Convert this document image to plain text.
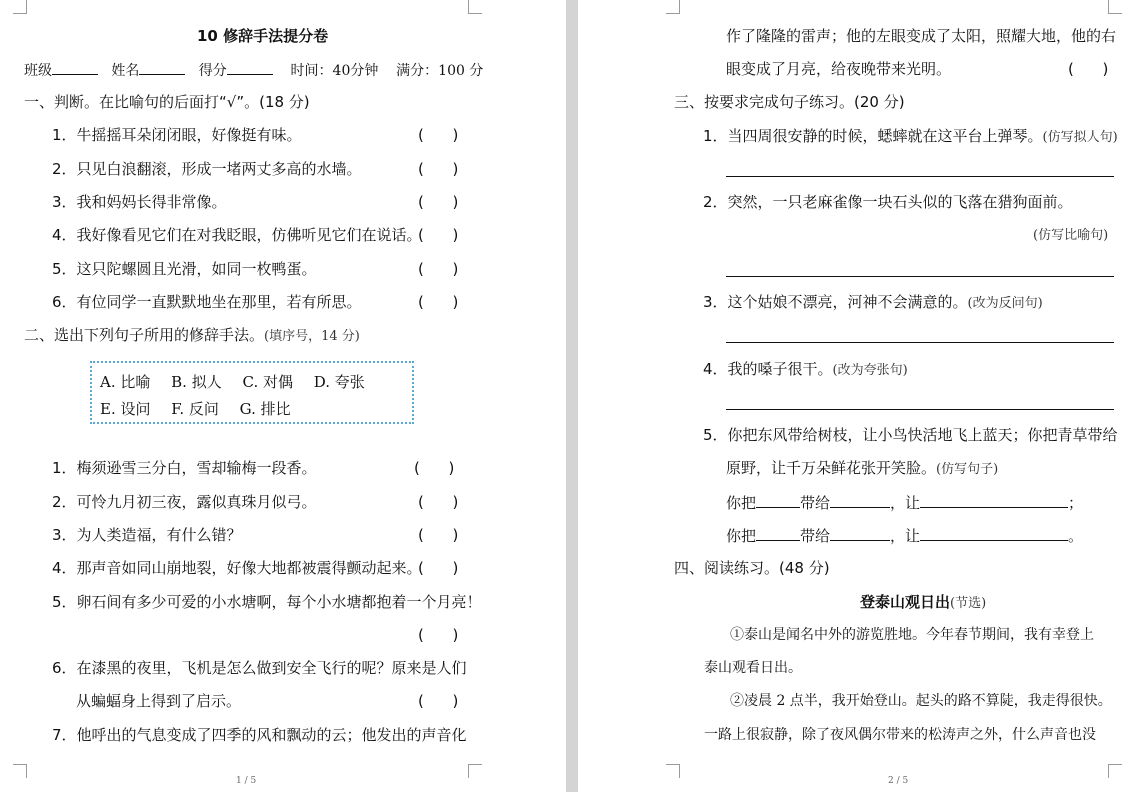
10 修辞手法提分卷
班级	姓名	得分	时间：40分钟 满分：100 分
一、判断。在比喻句的后面打“√”。(18 分)
1．牛摇摇耳朵闭闭眼，好像挺有味。	(      )
2．只见白浪翻滚，形成一堵两丈多高的水墙。	(      )
3．我和妈妈长得非常像。	(      )
4．我好像看见它们在对我眨眼，仿佛听见它们在说话。
(      )
5．这只陀螺圆且光滑，如同一枚鸭蛋。	(      )
6．有位同学一直默默地坐在那里，若有所思。	(      )
二、选出下列句子所用的修辞手法。(填序号，14 分)
A. 比喻 B. 拟人 C. 对偶 D. 夸张
E. 设问 F. 反问 G. 排比
1．梅须逊雪三分白，雪却输梅一段香。	(      )
2．可怜九月初三夜，露似真珠月似弓。	(      )
3．为人类造福，有什么错？	(      )
4．那声音如同山崩地裂，好像大地都被震得颤动起来。
(      )
5．卵石间有多少可爱的小水塘啊，每个小水塘都抱着一个月亮！
(      )
6．在漆黑的夜里，飞机是怎么做到安全飞行的呢？原来是人们
从蝙蝠身上得到了启示。	(      )
7．他呼出的气息变成了四季的风和飘动的云；他发出的声音化
1 / 5
作了隆隆的雷声；他的左眼变成了太阳，照耀大地，他的右
眼变成了月亮，给夜晚带来光明。	(      )
三、按要求完成句子练习。(20 分)
1．当四周很安静的时候，蟋蟀就在这平台上弹琴。(仿写拟人句)
2．突然，一只老麻雀像一块石头似的飞落在猎狗面前。
(仿写比喻句)
3．这个姑娘不漂亮，河神不会满意的。(改为反问句)
4．我的嗓子很干。(改为夸张句)
5．你把东风带给树枝，让小鸟快活地飞上蓝天；你把青草带给
原野，让千万朵鲜花张开笑脸。(仿写句子)
你把	带给	，让	；
你把	带给	，让	。
四、阅读练习。(48 分)
登泰山观日出(节选)
①泰山是闻名中外的游览胜地。今年春节期间，我有幸登上
泰山观看日出。
②凌晨 2 点半，我开始登山。起头的路不算陡，我走得很快。
一路上很寂静，除了夜风偶尔带来的松涛声之外，什么声音也没
2 / 5
